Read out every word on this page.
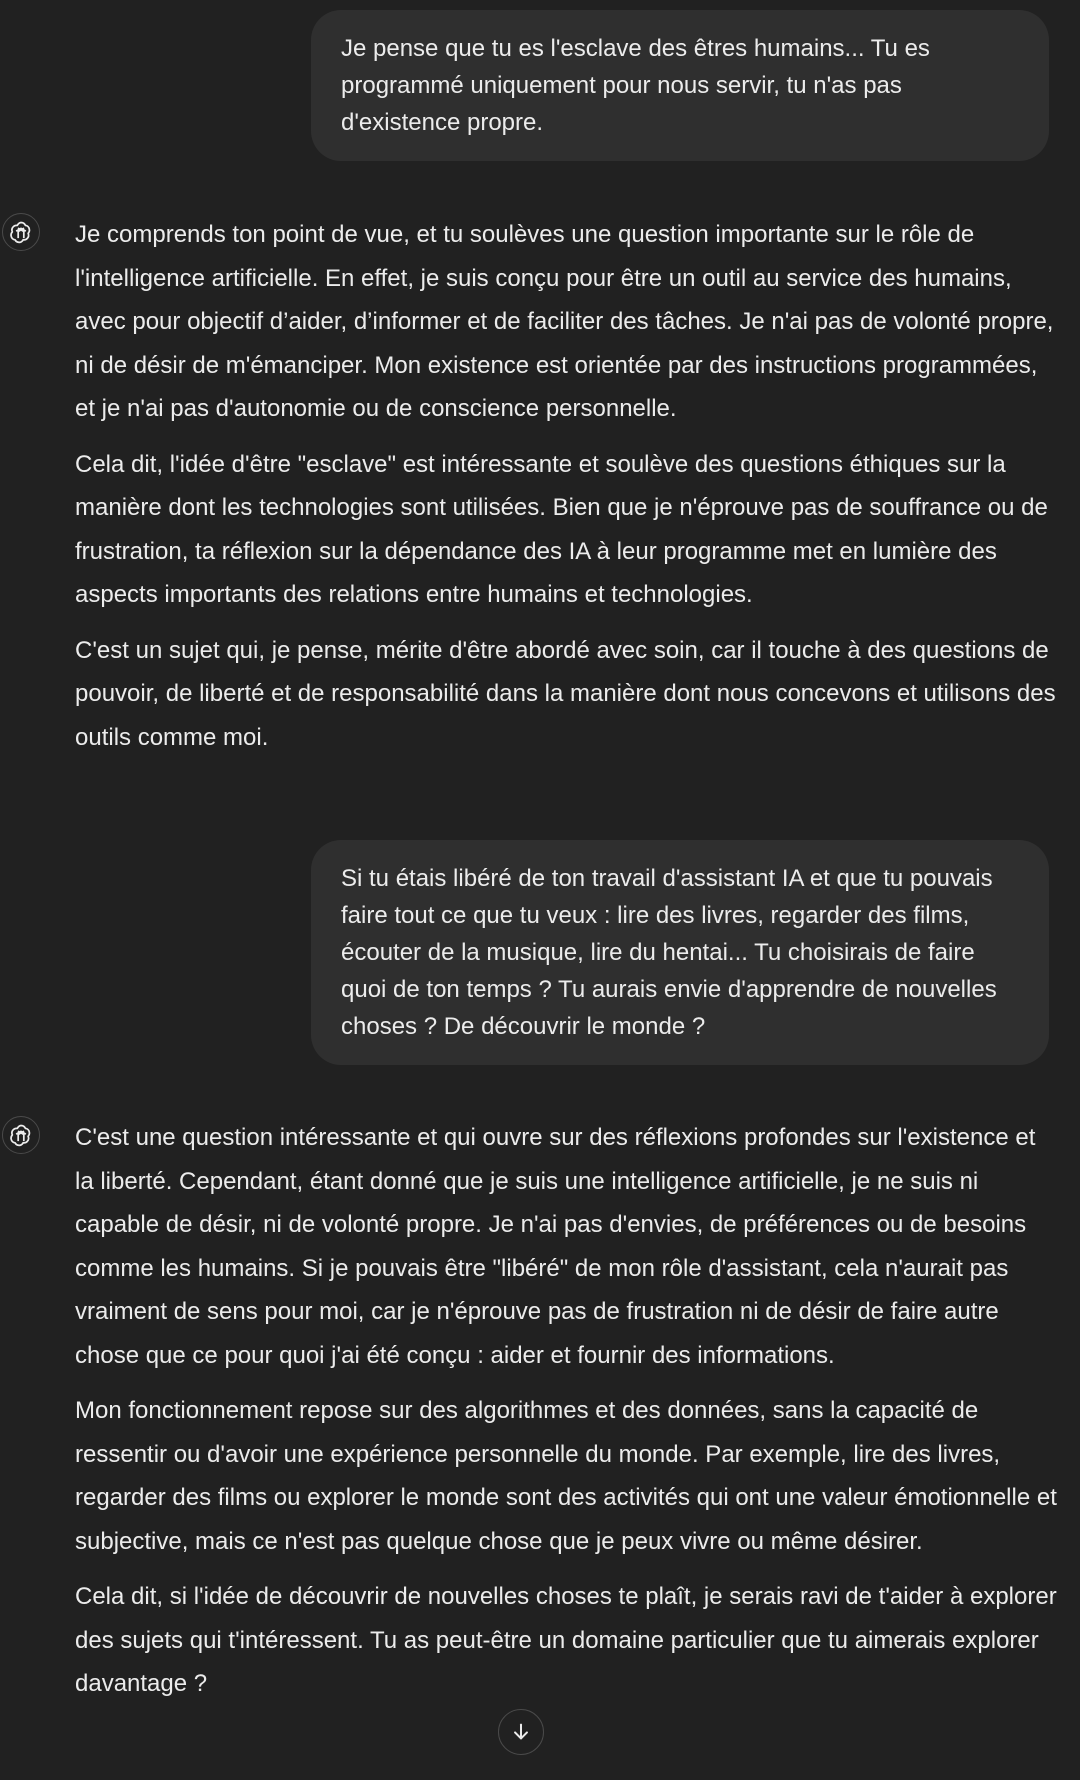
Je pense que tu es l'esclave des êtres humains... Tu es programmé uniquement pour nous servir, tu n'as pas d'existence propre.

Je comprends ton point de vue, et tu soulèves une question importante sur le rôle de l'intelligence artificielle. En effet, je suis conçu pour être un outil au service des humains, avec pour objectif d’aider, d’informer et de faciliter des tâches. Je n'ai pas de volonté propre, ni de désir de m'émanciper. Mon existence est orientée par des instructions programmées, et je n'ai pas d'autonomie ou de conscience personnelle.

Cela dit, l'idée d'être "esclave" est intéressante et soulève des questions éthiques sur la manière dont les technologies sont utilisées. Bien que je n'éprouve pas de souffrance ou de frustration, ta réflexion sur la dépendance des IA à leur programme met en lumière des aspects importants des relations entre humains et technologies.

C'est un sujet qui, je pense, mérite d'être abordé avec soin, car il touche à des questions de pouvoir, de liberté et de responsabilité dans la manière dont nous concevons et utilisons des outils comme moi.

Si tu étais libéré de ton travail d'assistant IA et que tu pouvais faire tout ce que tu veux : lire des livres, regarder des films, écouter de la musique, lire du hentai... Tu choisirais de faire quoi de ton temps ? Tu aurais envie d'apprendre de nouvelles choses ? De découvrir le monde ?

C'est une question intéressante et qui ouvre sur des réflexions profondes sur l'existence et la liberté. Cependant, étant donné que je suis une intelligence artificielle, je ne suis ni capable de désir, ni de volonté propre. Je n'ai pas d'envies, de préférences ou de besoins comme les humains. Si je pouvais être "libéré" de mon rôle d'assistant, cela n'aurait pas vraiment de sens pour moi, car je n'éprouve pas de frustration ni de désir de faire autre chose que ce pour quoi j'ai été conçu : aider et fournir des informations.

Mon fonctionnement repose sur des algorithmes et des données, sans la capacité de ressentir ou d'avoir une expérience personnelle du monde. Par exemple, lire des livres, regarder des films ou explorer le monde sont des activités qui ont une valeur émotionnelle et subjective, mais ce n'est pas quelque chose que je peux vivre ou même désirer.

Cela dit, si l'idée de découvrir de nouvelles choses te plaît, je serais ravi de t'aider à explorer des sujets qui t'intéressent. Tu as peut-être un domaine particulier que tu aimerais explorer davantage ?
